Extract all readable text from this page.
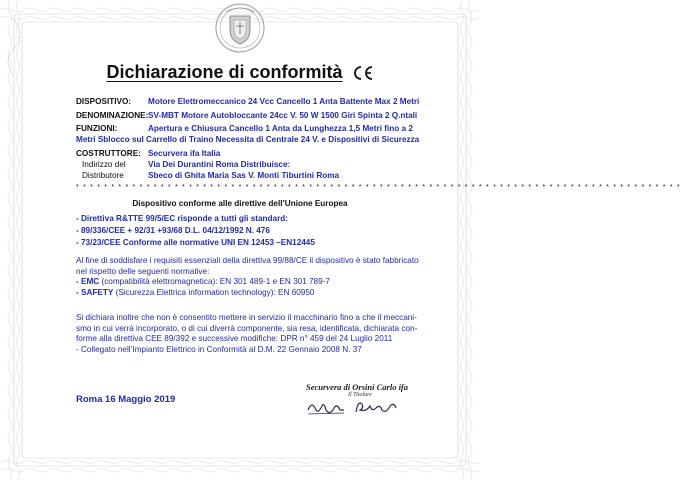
Dichiarazione di conformità
DISPOSITIVO: Motore Elettromeccanico 24 Vcc Cancello 1 Anta Battente Max 2 Metri
DENOMINAZIONE: SV-MBT Motore Autobloccante 24cc V. 50 W 1500 Giri Spinta 2 Q.ntali
FUNZIONI:	Apertura e Chiusura Cancello 1 Anta da Lunghezza 1,5 Metri fino a 2
Metri Sblocco sul Carrello di Traino Necessita di Centrale 24 V. e Dispositivi di Sicurezza
COSTRUTTORE: Securvera ifa Italia
Indirizzo del	Via Dei Durantini Roma Distribuisce:
Distributore	Sbeco di Ghita Maria Sas V. Monti Tiburtini Roma
* * * * * * * * * * * * * * * * * * * * * * * * * * * * * * * * * * * * * * * * * * * * * * * * * * * * * * * * * * * * * * * * * * * * * * * * * * * * * * * * * * * * * *
Dispositivo conforme alle direttive dell’Unione Europea
- Direttiva R&TTE 99/5/EC risponde a tutti gli standard:
- 89/336/CEE + 92/31 +93/68 D.L. 04/12/1992 N. 476
- 73/23/CEE Conforme alle normative UNI EN 12453 –EN12445
Al fine di soddisfare i requisiti essenziali della direttiva 99/88/CE il dispositivo è stato fabbricato
nel rispetto delle seguenti normative:
- EMC (compatibilità elettromagnetica): EN 301 489-1 e EN 301 789-7
- SAFETY (Sicurezza Elettrica information technology): EN 60950
Si dichiara inoltre che non è consentito mettere in servizio il macchinario fino a che il meccani-
smo in cui verrà incorporato, o di cui diverrà componente, sia resa, identificata, dichiarata con-
forme alla direttiva CEE 89/392 e successive modifiche: DPR n° 459 del 24 Luglio 2011
- Collegato nell’Impianto Elettrico in Conformità al D.M. 22 Gennaio 2008 N. 37
Roma 16 Maggio 2019
Securvera di Orsini Carlo ifa
Il Titolare
